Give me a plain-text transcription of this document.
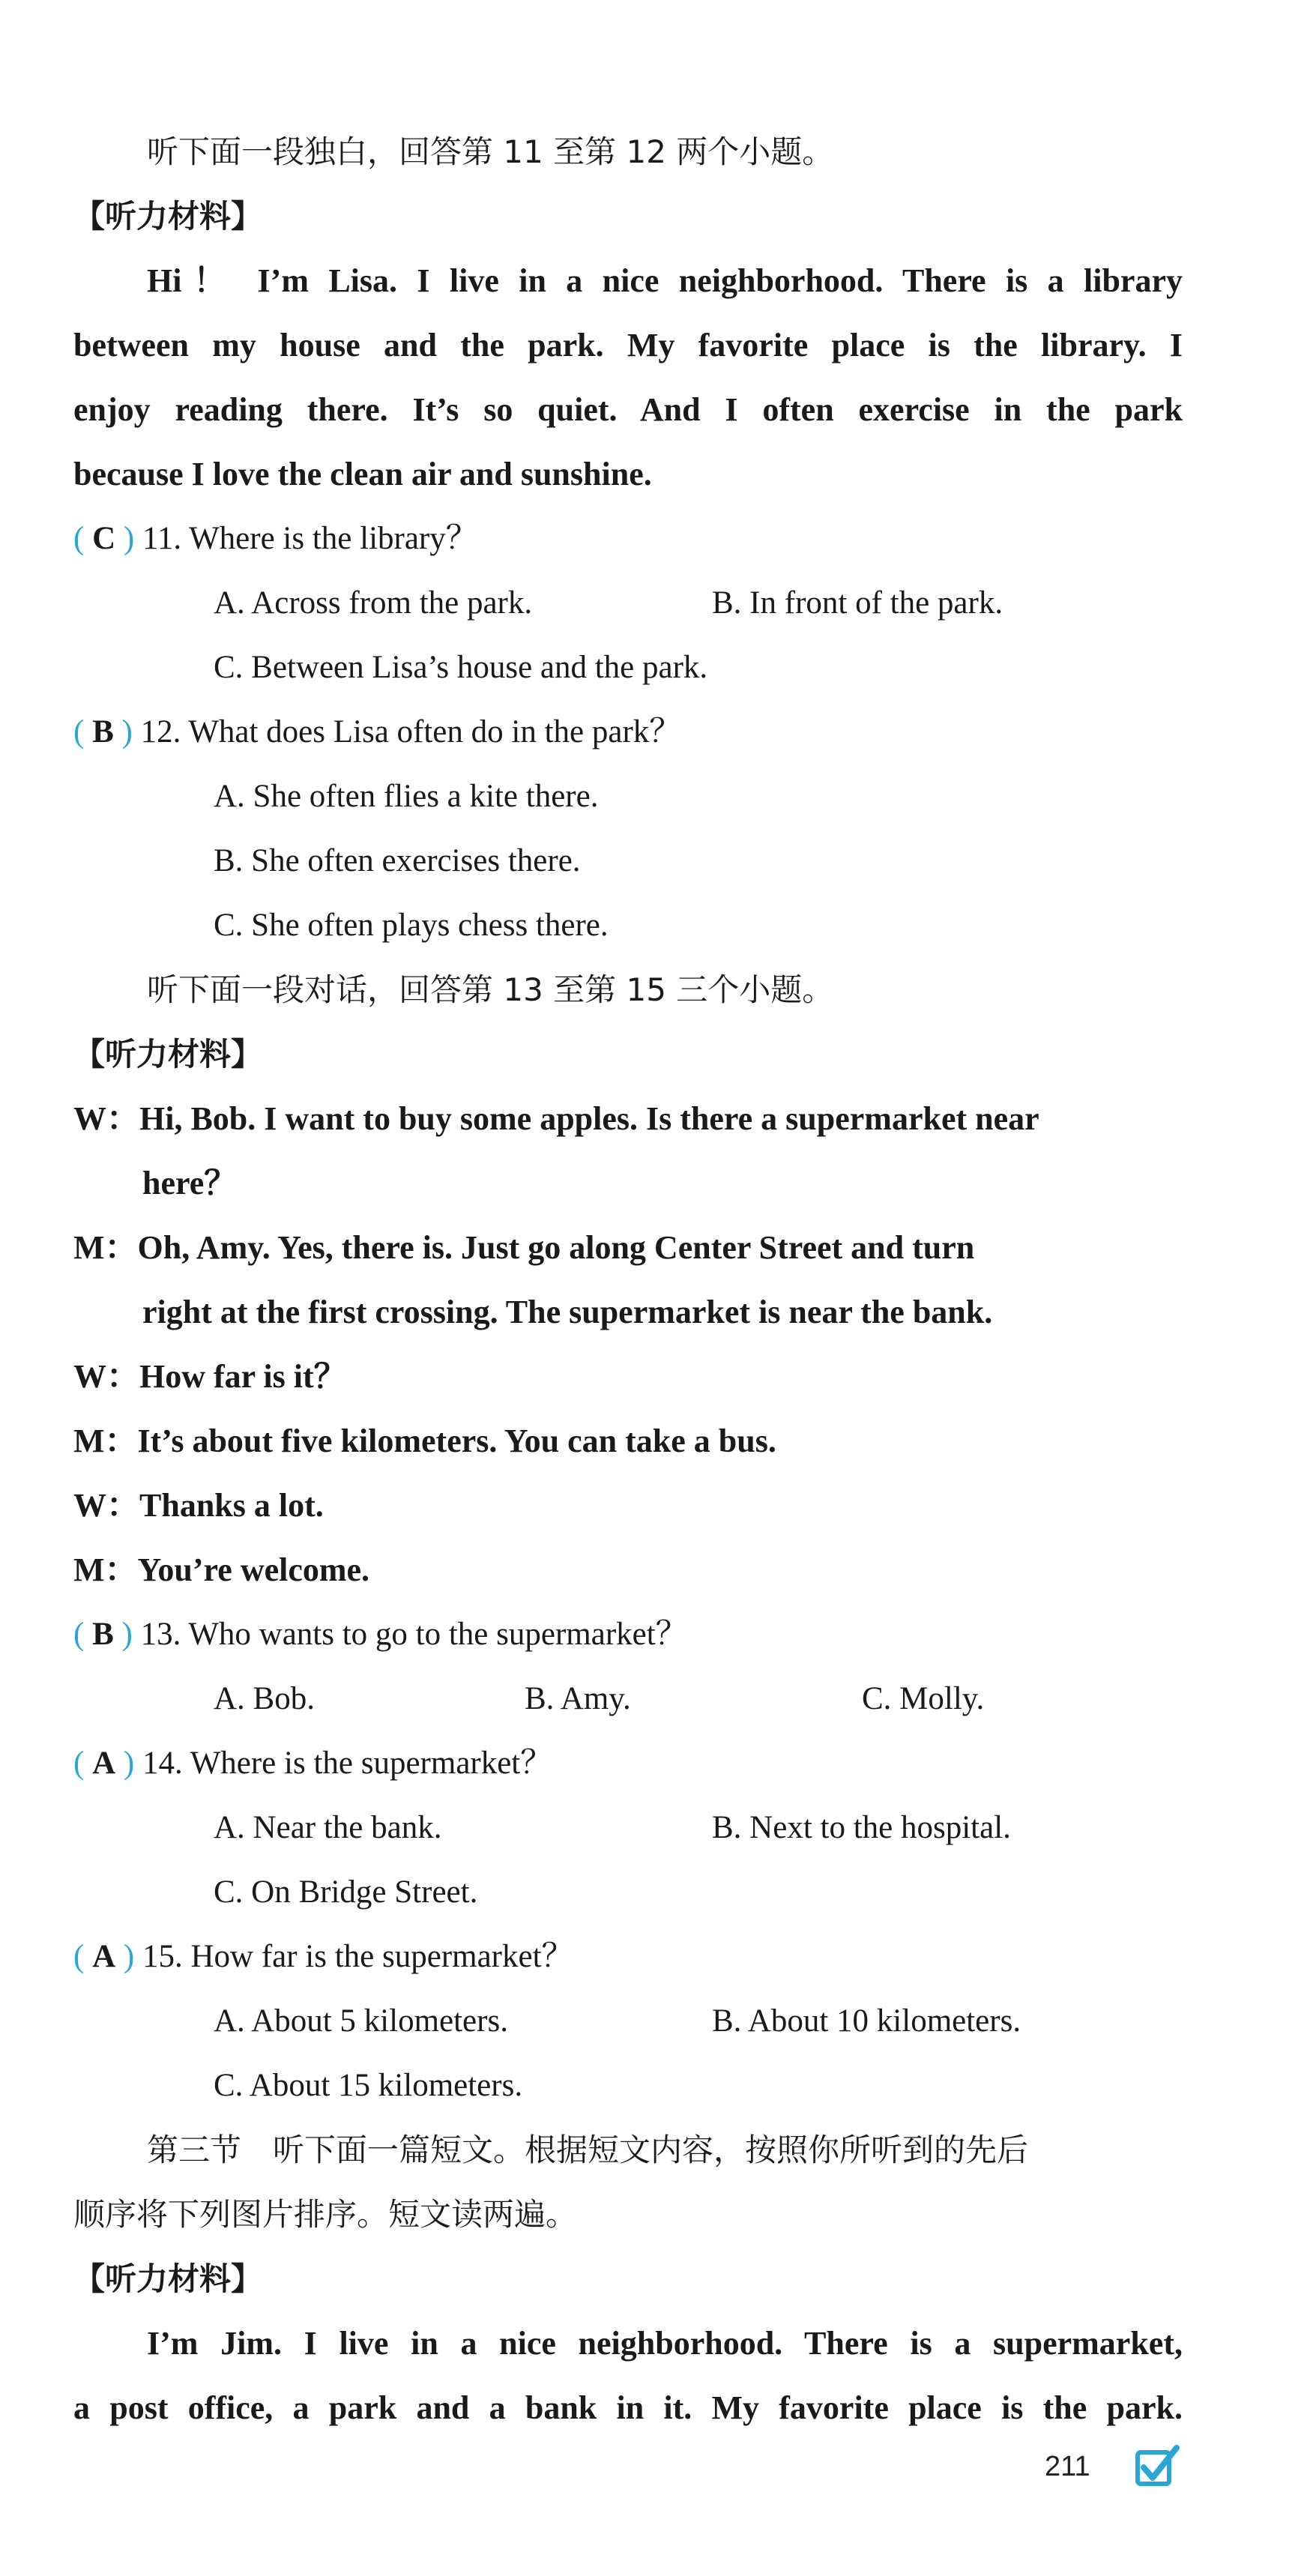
听下面一段独白，回答第 11 至第 12 两个小题。
【听力材料】
Hi！ I’m Lisa. I live in a nice neighborhood. There is a library
between my house and the park. My favorite place is the library. I
enjoy reading there. It’s so quiet. And I often exercise in the park
because I love the clean air and sunshine.
( C ) 11. Where is the library？
A. Across from the park.	B. In front of the park.
C. Between Lisa’s house and the park.
( B ) 12. What does Lisa often do in the park？
A. She often flies a kite there.
B. She often exercises there.
C. She often plays chess there.
听下面一段对话，回答第 13 至第 15 三个小题。
【听力材料】
W：Hi, Bob. I want to buy some apples. Is there a supermarket near
here？
M：Oh, Amy. Yes, there is. Just go along Center Street and turn
right at the first crossing. The supermarket is near the bank.
W：How far is it？
M：It’s about five kilometers. You can take a bus.
W：Thanks a lot.
M：You’re welcome.
( B ) 13. Who wants to go to the supermarket？
A. Bob.	B. Amy.	C. Molly.
( A ) 14. Where is the supermarket？
A. Near the bank.	B. Next to the hospital.
C. On Bridge Street.
( A ) 15. How far is the supermarket？
A. About 5 kilometers.	B. About 10 kilometers.
C. About 15 kilometers.
第三节　听下面一篇短文。根据短文内容，按照你所听到的先后
顺序将下列图片排序。短文读两遍。
【听力材料】
I’m Jim. I live in a nice neighborhood. There is a supermarket,
a post office, a park and a bank in it. My favorite place is the park.
211
